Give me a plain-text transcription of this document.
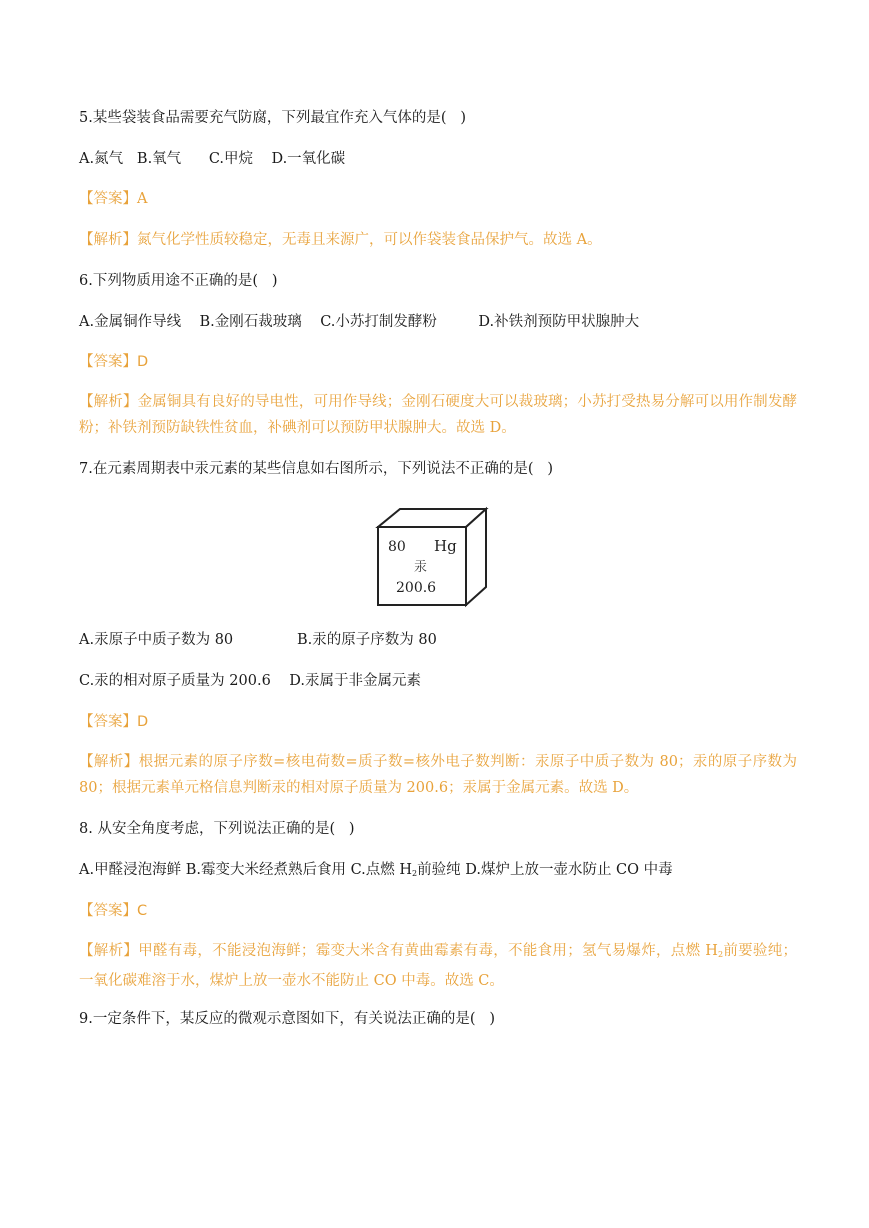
5.某些袋装食品需要充气防腐，下列最宜作充入气体的是(   )
A.氮气 B.氧气 C.甲烷 D.一氧化碳
【答案】A
【解析】氮气化学性质较稳定，无毒且来源广，可以作袋装食品保护气。故选 A。
6.下列物质用途不正确的是(   )
A.金属铜作导线 B.金刚石裁玻璃 C.小苏打制发酵粉	D.补铁剂预防甲状腺肿大
【答案】D
【解析】金属铜具有良好的导电性，可用作导线；金刚石硬度大可以裁玻璃；小苏打受热易分解可以用作制发酵粉；补铁剂预防缺铁性贫血，补碘剂可以预防甲状腺肿大。故选 D。
7.在元素周期表中汞元素的某些信息如右图所示，下列说法不正确的是(   )
80 Hg
汞
200.6
A.汞原子中质子数为 80	B.汞的原子序数为 80
C.汞的相对原子质量为 200.6 D.汞属于非金属元素
【答案】D
【解析】根据元素的原子序数=核电荷数=质子数=核外电子数判断：汞原子中质子数为 80；汞的原子序数为 80；根据元素单元格信息判断汞的相对原子质量为 200.6；汞属于金属元素。故选 D。
8. 从安全角度考虑，下列说法正确的是(   )
A.甲醛浸泡海鲜 B.霉变大米经煮熟后食用 C.点燃 $H_2$前验纯 D.煤炉上放一壶水防止 CO 中毒
【答案】C
【解析】甲醛有毒，不能浸泡海鲜；霉变大米含有黄曲霉素有毒，不能食用；氢气易爆炸，点燃 $H_2$前要验纯；一氧化碳难溶于水，煤炉上放一壶水不能防止 CO 中毒。故选 C。
9.一定条件下，某反应的微观示意图如下，有关说法正确的是(   )
